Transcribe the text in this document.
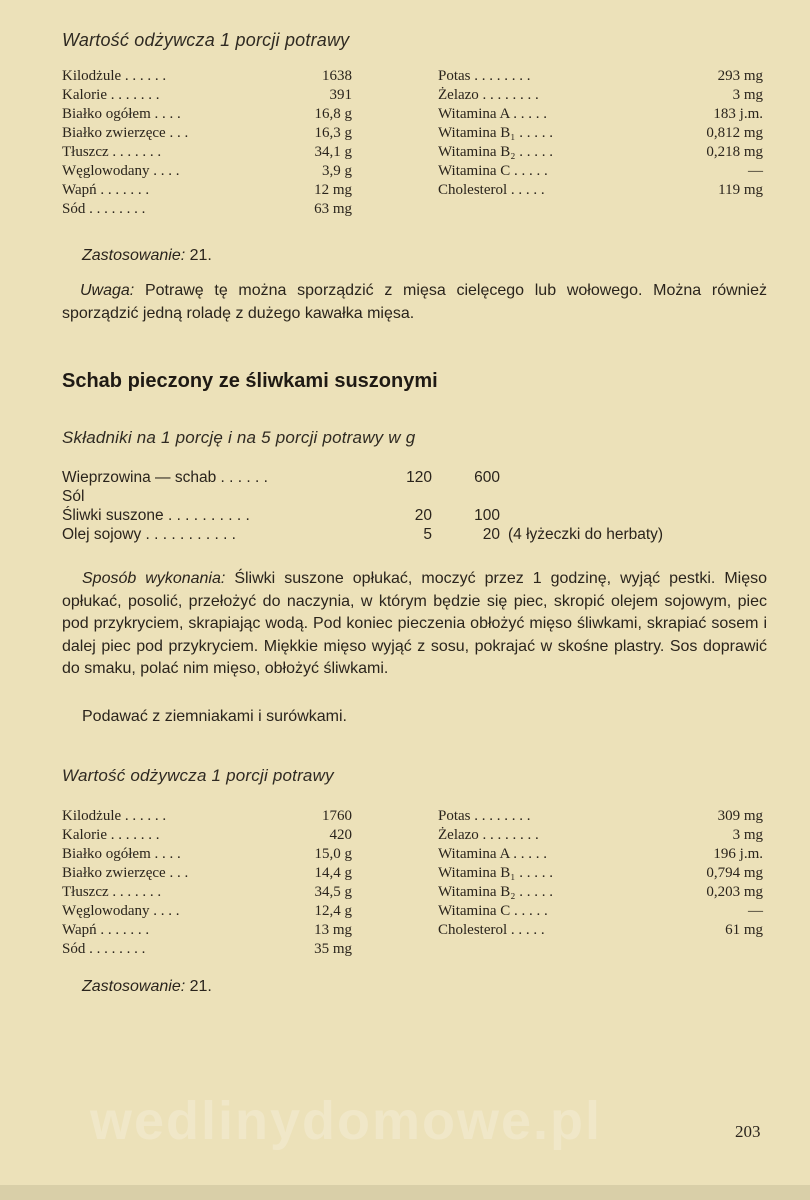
Wartość odżywcza 1 porcji potrawy
Kilodżule . . . . . .	1638
Kalorie . . . . . . .	391
Białko ogółem . . . .	16,8 g
Białko zwierzęce . . .	16,3 g
Tłuszcz . . . . . . .	34,1 g
Węglowodany . . . .	3,9 g
Wapń . . . . . . .	12 mg
Sód . . . . . . . .	63 mg
Potas . . . . . . . .	293 mg
Żelazo . . . . . . . .	3 mg
Witamina A . . . . .	183 j.m.
Witamina B₁ . . . . .	0,812 mg
Witamina B₂ . . . . .	0,218 mg
Witamina C . . . . .	—
Cholesterol . . . . .	119 mg
Zastosowanie: 21.
Uwaga: Potrawę tę można sporządzić z mięsa cielęcego lub wołowego. Można również sporządzić jedną roladę z dużego kawałka mięsa.
Schab pieczony ze śliwkami suszonymi
Składniki na 1 porcję i na 5 porcji potrawy w g
Wieprzowina — schab . . . . . .	120	600
Sól
Śliwki suszone . . . . . . . . . .	20	100
Olej sojowy . . . . . . . . . . .	5	20 (4 łyżeczki do herbaty)
Sposób wykonania: Śliwki suszone opłukać, moczyć przez 1 godzinę, wyjąć pestki. Mięso opłukać, posolić, przełożyć do naczynia, w którym będzie się piec, skropić olejem sojowym, piec pod przykryciem, skrapiając wodą. Pod koniec pieczenia obłożyć mięso śliwkami, skrapiać sosem i dalej piec pod przykryciem. Miękkie mięso wyjąć z sosu, pokrajać w skośne plastry. Sos doprawić do smaku, polać nim mięso, obłożyć śliwkami.
Podawać z ziemniakami i surówkami.
Wartość odżywcza 1 porcji potrawy
Kilodżule . . . . . .	1760
Kalorie . . . . . . .	420
Białko ogółem . . . .	15,0 g
Białko zwierzęce . . .	14,4 g
Tłuszcz . . . . . . .	34,5 g
Węglowodany . . . .	12,4 g
Wapń . . . . . . .	13 mg
Sód . . . . . . . .	35 mg
Potas . . . . . . . .	309 mg
Żelazo . . . . . . . .	3 mg
Witamina A . . . . .	196 j.m.
Witamina B₁ . . . . .	0,794 mg
Witamina B₂ . . . . .	0,203 mg
Witamina C . . . . .	—
Cholesterol . . . . .	61 mg
Zastosowanie: 21.
wedlinydomowe.pl	203
